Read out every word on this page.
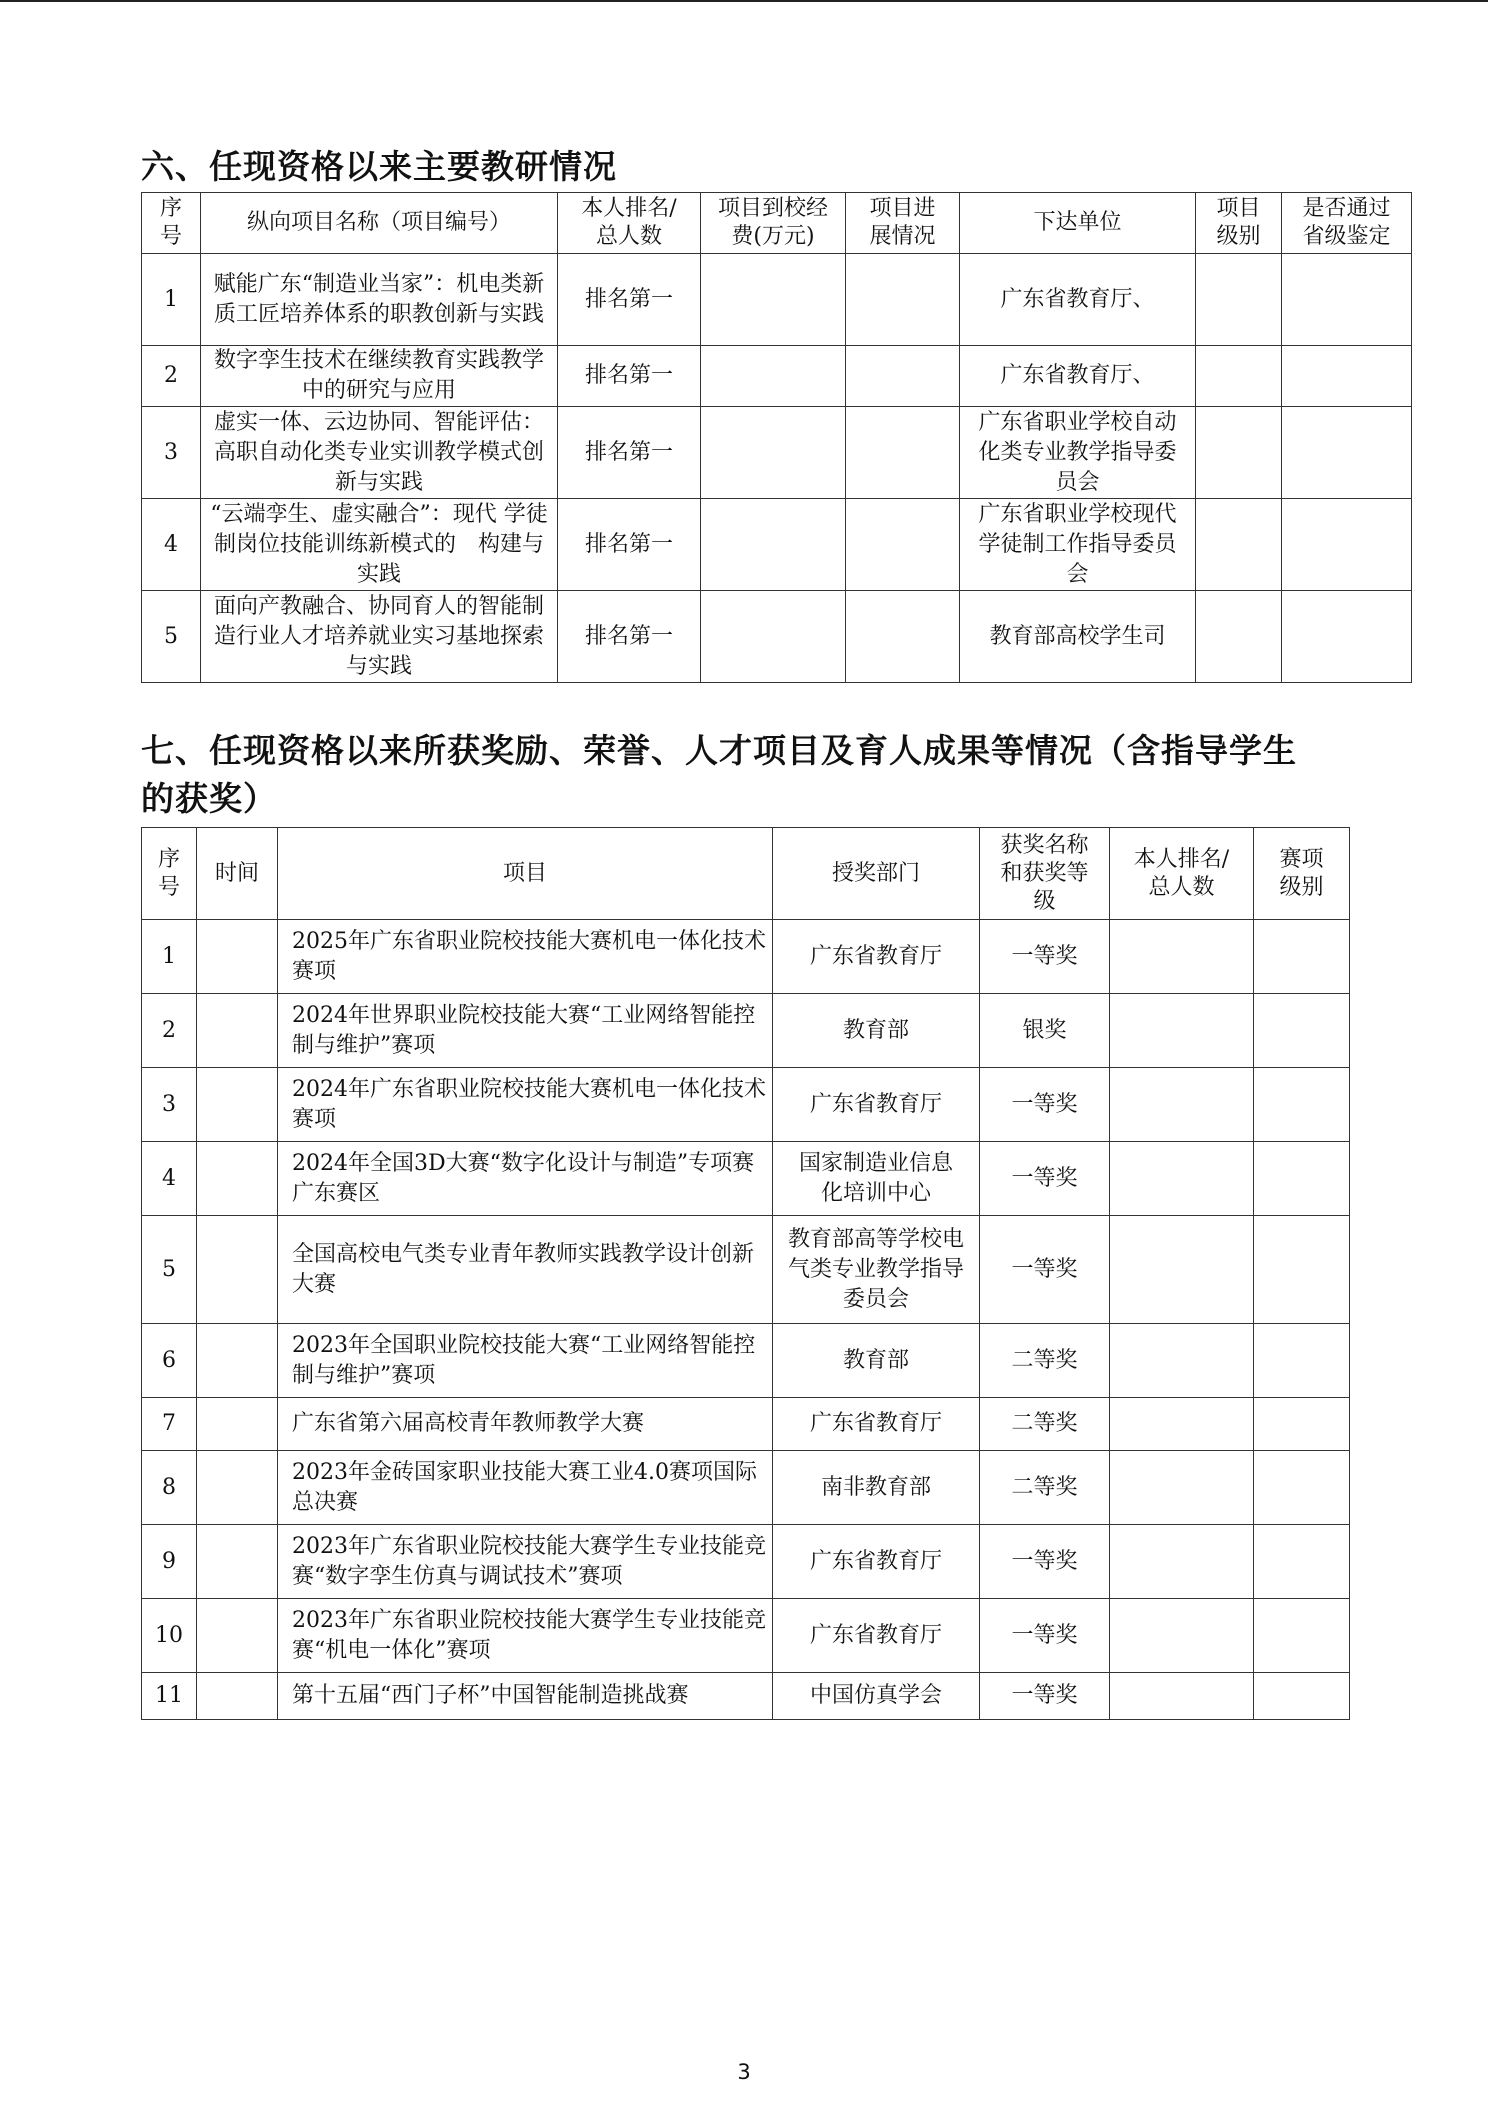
六、任现资格以来主要教研情况
序号	纵向项目名称（项目编号）	本人排名/总人数	项目到校经费(万元)	项目进展情况	下达单位	项目级别	是否通过省级鉴定
1	赋能广东“制造业当家”：机电类新质工匠培养体系的职教创新与实践	排名第一			广东省教育厅、		
2	数字孪生技术在继续教育实践教学中的研究与应用	排名第一			广东省教育厅、		
3	虚实一体、云边协同、智能评估：高职自动化类专业实训教学模式创新与实践	排名第一			广东省职业学校自动化类专业教学指导委员会		
4	“云端孪生、虚实融合”：现代 学徒制岗位技能训练新模式的　构建与实践	排名第一			广东省职业学校现代学徒制工作指导委员会		
5	面向产教融合、协同育人的智能制造行业人才培养就业实习基地探索与实践	排名第一			教育部高校学生司		
七、任现资格以来所获奖励、荣誉、人才项目及育人成果等情况（含指导学生
的获奖）
序号	时间	项目	授奖部门	获奖名称和获奖等级	本人排名/总人数	赛项级别
1		2025年广东省职业院校技能大赛机电一体化技术赛项	广东省教育厅	一等奖		
2		2024年世界职业院校技能大赛“工业网络智能控制与维护”赛项	教育部	银奖		
3		2024年广东省职业院校技能大赛机电一体化技术赛项	广东省教育厅	一等奖		
4		2024年全国3D大赛“数字化设计与制造”专项赛广东赛区	国家制造业信息化培训中心	一等奖		
5		全国高校电气类专业青年教师实践教学设计创新大赛	教育部高等学校电气类专业教学指导委员会	一等奖		
6		2023年全国职业院校技能大赛“工业网络智能控制与维护”赛项	教育部	二等奖		
7		广东省第六届高校青年教师教学大赛	广东省教育厅	二等奖		
8		2023年金砖国家职业技能大赛工业4.0赛项国际总决赛	南非教育部	二等奖		
9		2023年广东省职业院校技能大赛学生专业技能竞赛“数字孪生仿真与调试技术”赛项	广东省教育厅	一等奖		
10		2023年广东省职业院校技能大赛学生专业技能竞赛“机电一体化”赛项	广东省教育厅	一等奖		
11		第十五届“西门子杯”中国智能制造挑战赛	中国仿真学会	一等奖		
3
